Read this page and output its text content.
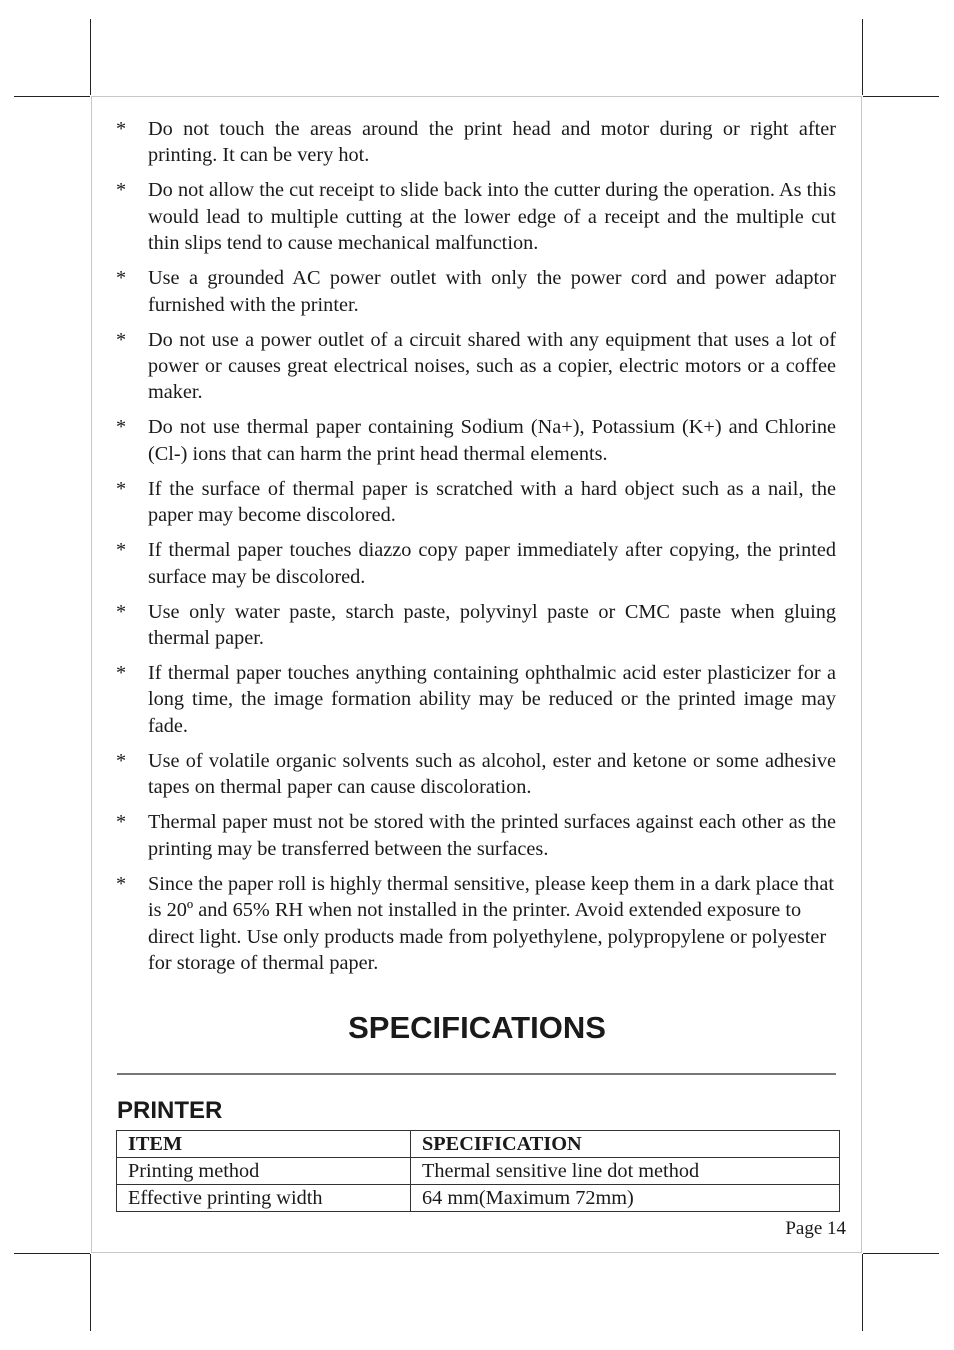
* Do not touch the areas around the print head and motor during or right after printing. It can be very hot.
* Do not allow the cut receipt to slide back into the cutter during the operation. As this would lead to multiple cutting at the lower edge of a receipt and the multiple cut thin slips tend to cause mechanical malfunction.
* Use a grounded AC power outlet with only the power cord and power adaptor furnished with the printer.
* Do not use a power outlet of a circuit shared with any equipment that uses a lot of power or causes great electrical noises, such as a copier, electric motors or a coffee maker.
* Do not use thermal paper containing Sodium (Na+), Potassium (K+) and Chlorine (Cl-) ions that can harm the print head thermal elements.
* If the surface of thermal paper is scratched with a hard object such as a nail, the paper may become discolored.
* If thermal paper touches diazzo copy paper immediately after copying, the printed surface may be discolored.
* Use only water paste, starch paste, polyvinyl paste or CMC paste when gluing thermal paper.
* If thermal paper touches anything containing ophthalmic acid ester plasticizer for a long time, the image formation ability may be reduced or the printed image may fade.
* Use of volatile organic solvents such as alcohol, ester and ketone or some adhesive tapes on thermal paper can cause discoloration.
* Thermal paper must not be stored with the printed surfaces against each other as the printing may be transferred between the surfaces.
* Since the paper roll is highly thermal sensitive, please keep them in a dark place that is 20º and 65% RH when not installed in the printer. Avoid extended exposure to direct light. Use only products made from polyethylene, polypropylene or polyester for storage of thermal paper.
SPECIFICATIONS
PRINTER
ITEM	SPECIFICATION
Printing method	Thermal sensitive line dot method
Effective printing width	64 mm(Maximum 72mm)
Page 14
